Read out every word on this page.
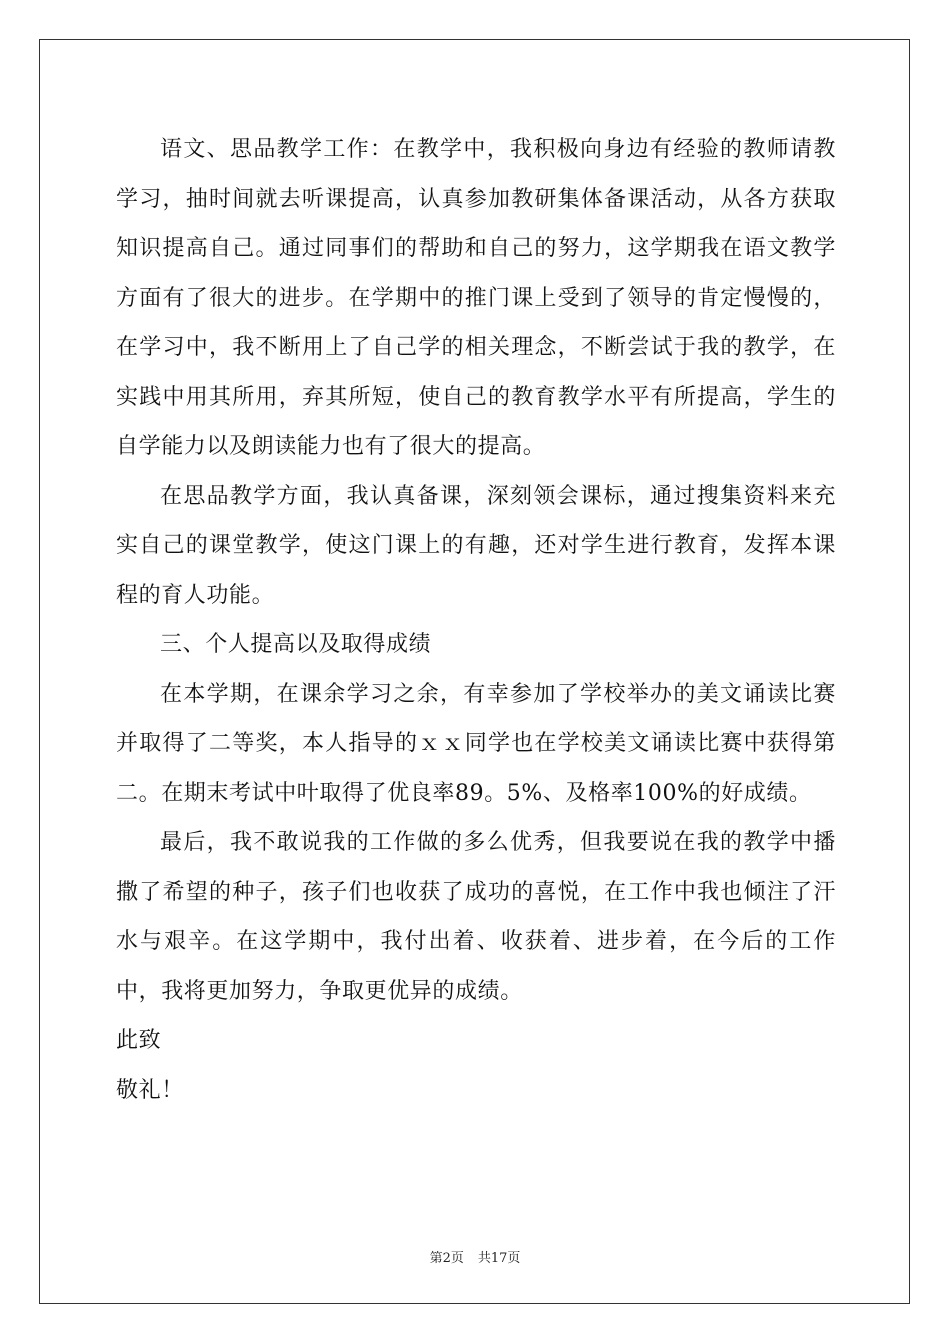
语文、思品教学工作：在教学中，我积极向身边有经验的教师请教学习，抽时间就去听课提高，认真参加教研集体备课活动，从各方获取知识提高自己。通过同事们的帮助和自己的努力，这学期我在语文教学方面有了很大的进步。在学期中的推门课上受到了领导的肯定慢慢的，在学习中，我不断用上了自己学的相关理念，不断尝试于我的教学，在实践中用其所用，弃其所短，使自己的教育教学水平有所提高，学生的自学能力以及朗读能力也有了很大的提高。

在思品教学方面，我认真备课，深刻领会课标，通过搜集资料来充实自己的课堂教学，使这门课上的有趣，还对学生进行教育，发挥本课程的育人功能。

三、个人提高以及取得成绩

在本学期，在课余学习之余，有幸参加了学校举办的美文诵读比赛并取得了二等奖，本人指导的ｘｘ同学也在学校美文诵读比赛中获得第二。在期末考试中叶取得了优良率89。5%、及格率100%的好成绩。

最后，我不敢说我的工作做的多么优秀，但我要说在我的教学中播撒了希望的种子，孩子们也收获了成功的喜悦，在工作中我也倾注了汗水与艰辛。在这学期中，我付出着、收获着、进步着，在今后的工作中，我将更加努力，争取更优异的成绩。

此致

敬礼！

第2页 共17页
